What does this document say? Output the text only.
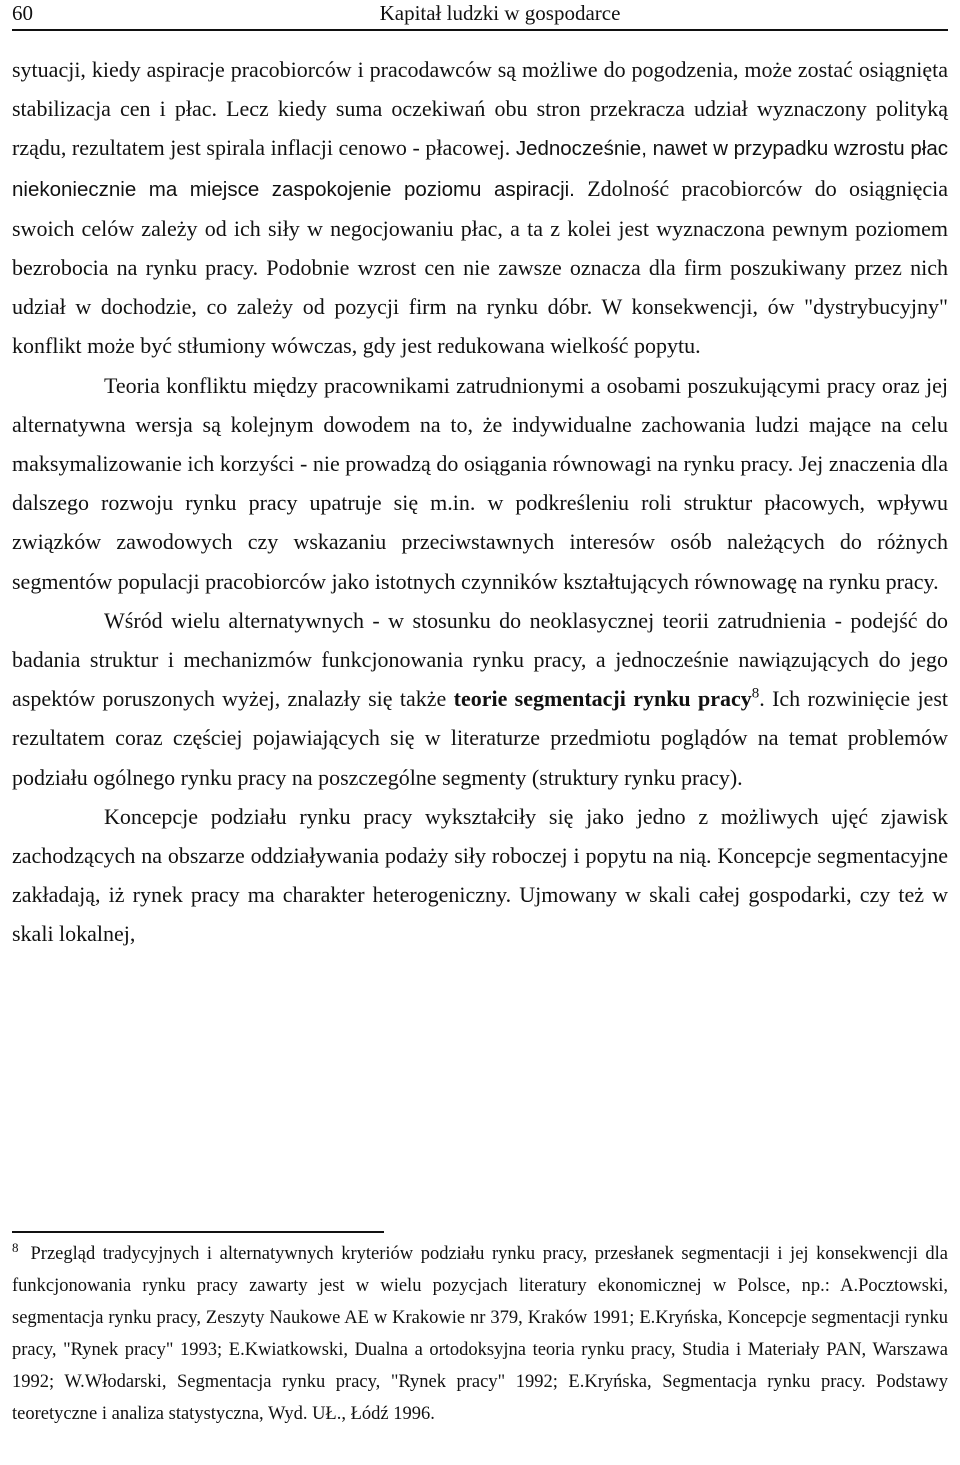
60	Kapitał ludzki w gospodarce

sytuacji, kiedy aspiracje pracobiorców i pracodawców są możliwe do pogodzenia, może zostać osiągnięta stabilizacja cen i płac. Lecz kiedy suma oczekiwań obu stron przekracza udział wyznaczony polityką rządu, rezultatem jest spirala inflacji cenowo - płacowej. Jednocześnie, nawet w przypadku wzrostu płac niekoniecznie ma miejsce zaspokojenie poziomu aspiracji. Zdolność pracobiorców do osiągnięcia swoich celów zależy od ich siły w negocjowaniu płac, a ta z kolei jest wyznaczona pewnym poziomem bezrobocia na rynku pracy. Podobnie wzrost cen nie zawsze oznacza dla firm poszukiwany przez nich udział w dochodzie, co zależy od pozycji firm na rynku dóbr. W konsekwencji, ów "dystrybucyjny" konflikt może być stłumiony wówczas, gdy jest redukowana wielkość popytu.

Teoria konfliktu między pracownikami zatrudnionymi a osobami poszukującymi pracy oraz jej alternatywna wersja są kolejnym dowodem na to, że indywidualne zachowania ludzi mające na celu maksymalizowanie ich korzyści - nie prowadzą do osiągania równowagi na rynku pracy. Jej znaczenia dla dalszego rozwoju rynku pracy upatruje się m.in. w podkreśleniu roli struktur płacowych, wpływu związków zawodowych czy wskazaniu przeciwstawnych interesów osób należących do różnych segmentów populacji pracobiorców jako istotnych czynników kształtujących równowagę na rynku pracy.

Wśród wielu alternatywnych - w stosunku do neoklasycznej teorii zatrudnienia - podejść do badania struktur i mechanizmów funkcjonowania rynku pracy, a jednocześnie nawiązujących do jego aspektów poruszonych wyżej, znalazły się także teorie segmentacji rynku pracy$^8$. Ich rozwinięcie jest rezultatem coraz częściej pojawiających się w literaturze przedmiotu poglądów na temat problemów podziału ogólnego rynku pracy na poszczególne segmenty (struktury rynku pracy).

Koncepcje podziału rynku pracy wykształciły się jako jedno z możliwych ujęć zjawisk zachodzących na obszarze oddziaływania podaży siły roboczej i popytu na nią. Koncepcje segmentacyjne zakładają, iż rynek pracy ma charakter heterogeniczny. Ujmowany w skali całej gospodarki, czy też w skali lokalnej,

$^8$ Przegląd tradycyjnych i alternatywnych kryteriów podziału rynku pracy, przesłanek segmentacji i jej konsekwencji dla funkcjonowania rynku pracy zawarty jest w wielu pozycjach literatury ekonomicznej w Polsce, np.: A.Pocztowski, segmentacja rynku pracy, Zeszyty Naukowe AE w Krakowie nr 379, Kraków 1991; E.Kryńska, Koncepcje segmentacji rynku pracy, "Rynek pracy" 1993; E.Kwiatkowski, Dualna a ortodoksyjna teoria rynku pracy, Studia i Materiały PAN, Warszawa 1992; W.Włodarski, Segmentacja rynku pracy, "Rynek pracy" 1992; E.Kryńska, Segmentacja rynku pracy. Podstawy teoretyczne i analiza statystyczna, Wyd. UŁ., Łódź 1996.
